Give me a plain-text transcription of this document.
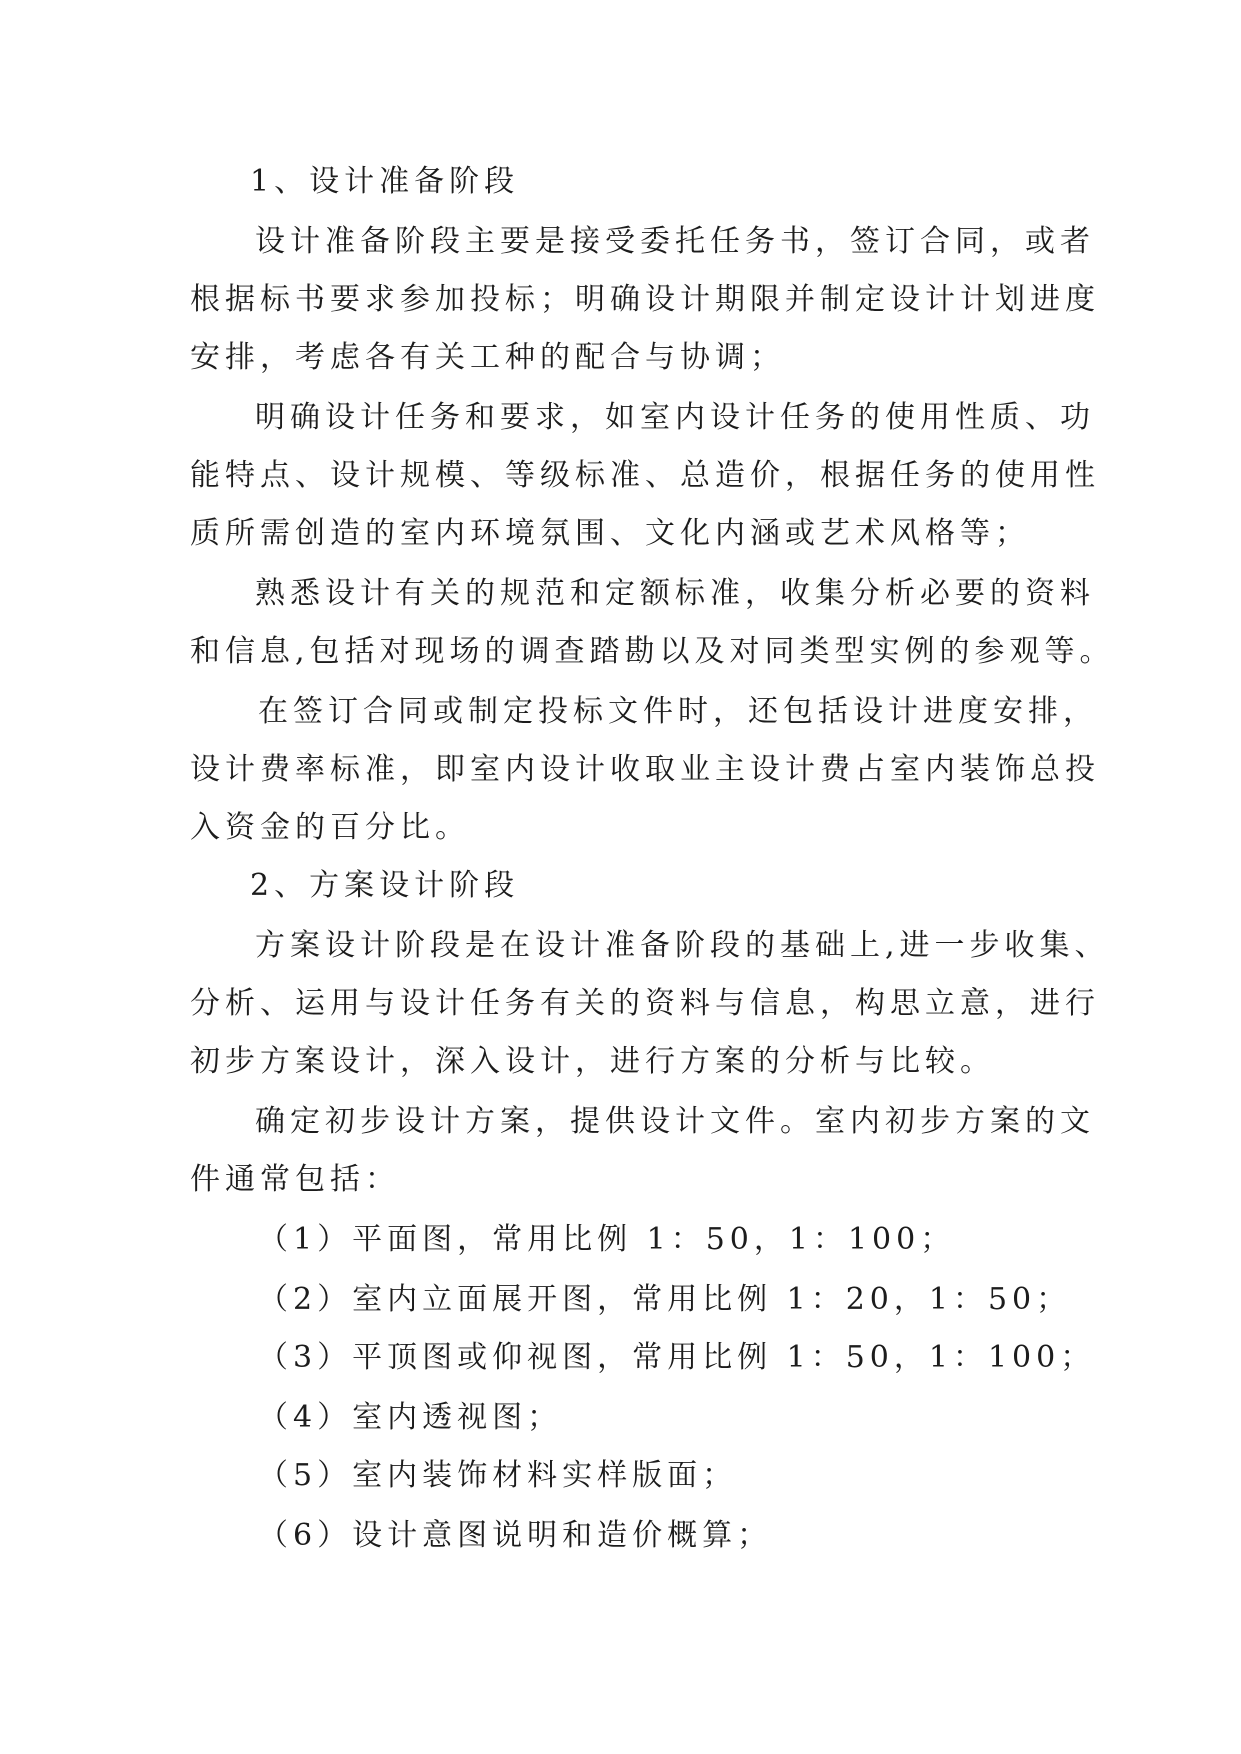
1、设计准备阶段
设计准备阶段主要是接受委托任务书，签订合同，或者
根据标书要求参加投标；明确设计期限并制定设计计划进度
安排，考虑各有关工种的配合与协调；
明确设计任务和要求，如室内设计任务的使用性质、功
能特点、设计规模、等级标准、总造价，根据任务的使用性
质所需创造的室内环境氛围、文化内涵或艺术风格等；
熟悉设计有关的规范和定额标准，收集分析必要的资料
和信息,包括对现场的调查踏勘以及对同类型实例的参观等。
在签订合同或制定投标文件时，还包括设计进度安排，
设计费率标准，即室内设计收取业主设计费占室内装饰总投
入资金的百分比。
2、方案设计阶段
方案设计阶段是在设计准备阶段的基础上,进一步收集、
分析、运用与设计任务有关的资料与信息，构思立意，进行
初步方案设计，深入设计，进行方案的分析与比较。
确定初步设计方案，提供设计文件。室内初步方案的文
件通常包括：
（1）平面图，常用比例 1：50，1：100；
（2）室内立面展开图，常用比例 1：20，1：50；
（3）平顶图或仰视图，常用比例 1：50，1：100；
（4）室内透视图；
（5）室内装饰材料实样版面；
（6）设计意图说明和造价概算；
